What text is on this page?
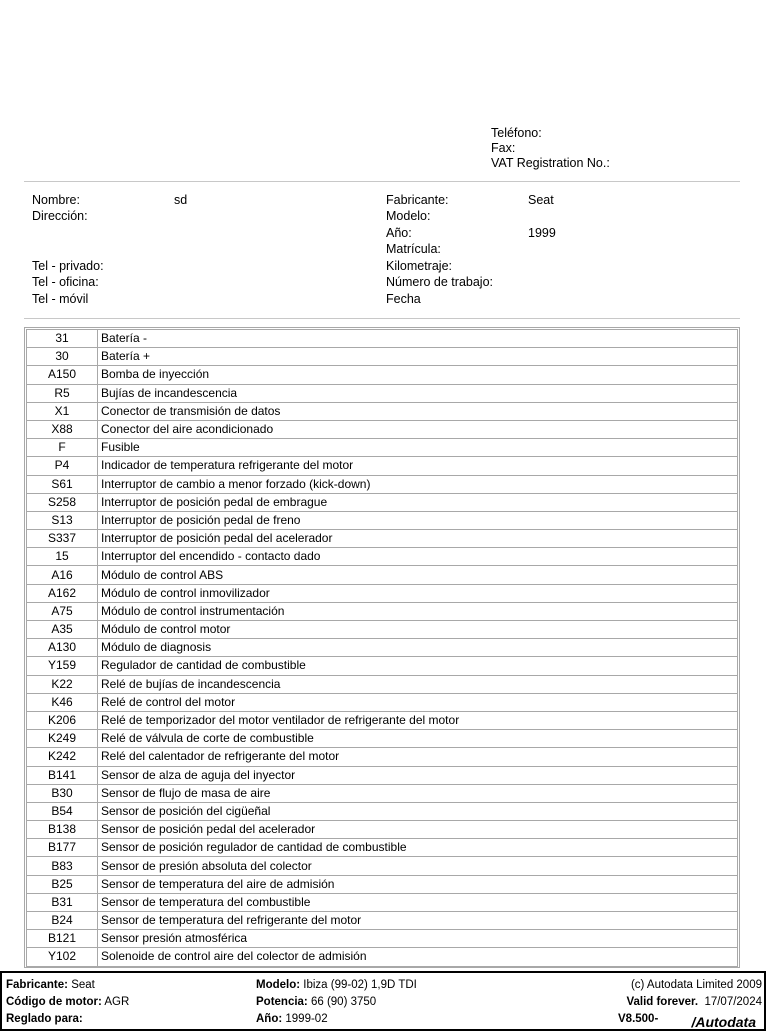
Teléfono:
Fax:
VAT Registration No.:
Nombre:	sd
Dirección:
Tel - privado:
Tel - oficina:
Tel - móvil
Fabricante:	Seat
Modelo:
Año:	1999
Matrícula:
Kilometraje:
Número de trabajo:
Fecha
31	Batería -
30	Batería +
A150	Bomba de inyección
R5	Bujías de incandescencia
X1	Conector de transmisión de datos
X88	Conector del aire acondicionado
F	Fusible
P4	Indicador de temperatura refrigerante del motor
S61	Interruptor de cambio a menor forzado (kick-down)
S258	Interruptor de posición pedal de embrague
S13	Interruptor de posición pedal de freno
S337	Interruptor de posición pedal del acelerador
15	Interruptor del encendido - contacto dado
A16	Módulo de control ABS
A162	Módulo de control inmovilizador
A75	Módulo de control instrumentación
A35	Módulo de control motor
A130	Módulo de diagnosis
Y159	Regulador de cantidad de combustible
K22	Relé de bujías de incandescencia
K46	Relé de control del motor
K206	Relé de temporizador del motor ventilador de refrigerante del motor
K249	Relé de válvula de corte de combustible
K242	Relé del calentador de refrigerante del motor
B141	Sensor de alza de aguja del inyector
B30	Sensor de flujo de masa de aire
B54	Sensor de posición del cigüeñal
B138	Sensor de posición pedal del acelerador
B177	Sensor de posición regulador de cantidad de combustible
B83	Sensor de presión absoluta del colector
B25	Sensor de temperatura del aire de admisión
B31	Sensor de temperatura del combustible
B24	Sensor de temperatura del refrigerante del motor
B121	Sensor presión atmosférica
Y102	Solenoide de control aire del colector de admisión
Fabricante: Seat
Código de motor: AGR
Reglado para:
Modelo: Ibiza (99-02) 1,9D TDI
Potencia: 66 (90) 3750
Año: 1999-02
(c) Autodata Limited 2009
Valid forever. 17/07/2024
V8.500- /Autodata
